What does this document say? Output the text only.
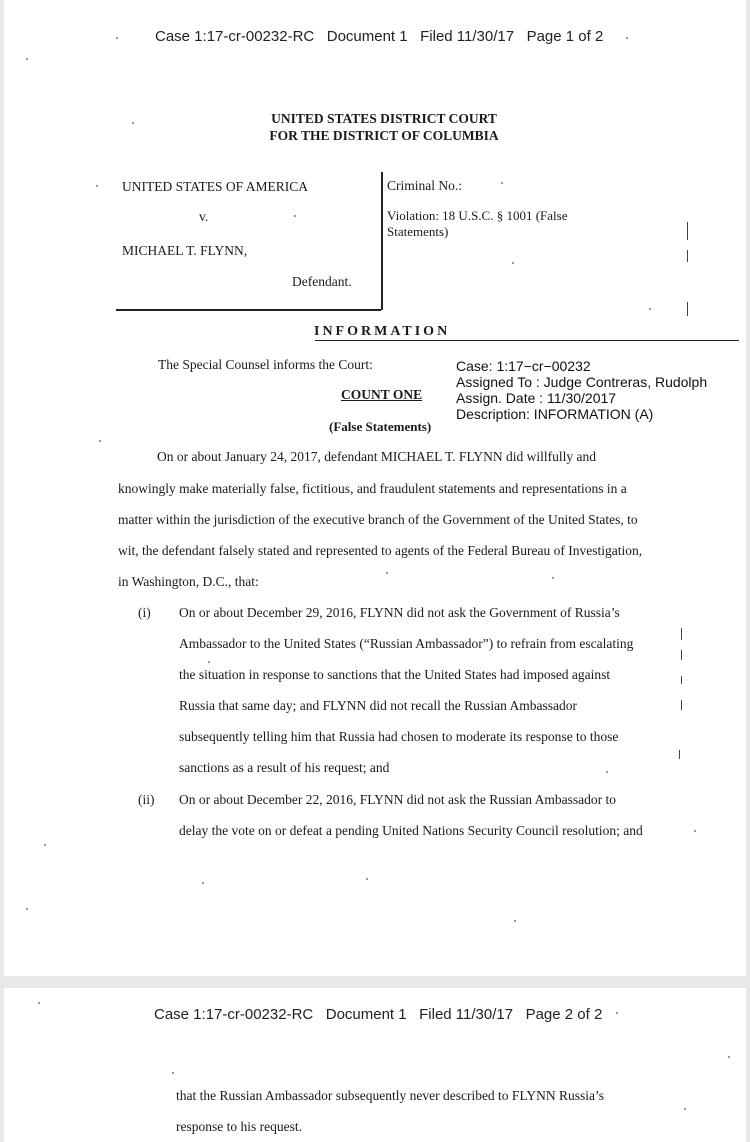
Case 1:17-cr-00232-RC   Document 1   Filed 11/30/17   Page 1 of 2
UNITED STATES DISTRICT COURT
FOR THE DISTRICT OF COLUMBIA
UNITED STATES OF AMERICA
v.
MICHAEL T. FLYNN,
Defendant.
Criminal No.:
Violation: 18 U.S.C. § 1001 (False
Statements)
INFORMATION
The Special Counsel informs the Court:
COUNT ONE
(False Statements)
Case: 1:17−cr−00232
Assigned To : Judge Contreras, Rudolph
Assign. Date : 11/30/2017
Description: INFORMATION (A)
On or about January 24, 2017, defendant MICHAEL T. FLYNN did willfully and
knowingly make materially false, fictitious, and fraudulent statements and representations in a
matter within the jurisdiction of the executive branch of the Government of the United States, to
wit, the defendant falsely stated and represented to agents of the Federal Bureau of Investigation,
in Washington, D.C., that:
(i) On or about December 29, 2016, FLYNN did not ask the Government of Russia’s
Ambassador to the United States (“Russian Ambassador”) to refrain from escalating
the situation in response to sanctions that the United States had imposed against
Russia that same day; and FLYNN did not recall the Russian Ambassador
subsequently telling him that Russia had chosen to moderate its response to those
sanctions as a result of his request; and
(ii) On or about December 22, 2016, FLYNN did not ask the Russian Ambassador to
delay the vote on or defeat a pending United Nations Security Council resolution; and
Case 1:17-cr-00232-RC   Document 1   Filed 11/30/17   Page 2 of 2
that the Russian Ambassador subsequently never described to FLYNN Russia’s
response to his request.
